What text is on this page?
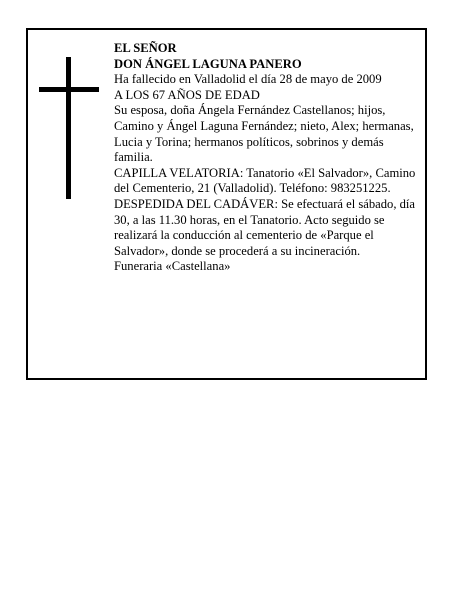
EL SEÑOR

DON ÁNGEL LAGUNA PANERO

Ha fallecido en Valladolid el día 28 de mayo de 2009

A LOS 67 AÑOS DE EDAD

Su esposa, doña Ángela Fernández Castellanos; hijos, Camino y Ángel Laguna Fernández; nieto, Alex; hermanas, Lucia y Torina; hermanos políticos, sobrinos y demás familia.

CAPILLA VELATORIA: Tanatorio «El Salvador», Camino del Cementerio, 21 (Valladolid). Teléfono: 983251225.

DESPEDIDA DEL CADÁVER: Se efectuará el sábado, día 30, a las 11.30 horas, en el Tanatorio. Acto seguido se realizará la conducción al cementerio de «Parque el Salvador», donde se procederá a su incineración.

Funeraria «Castellana»
